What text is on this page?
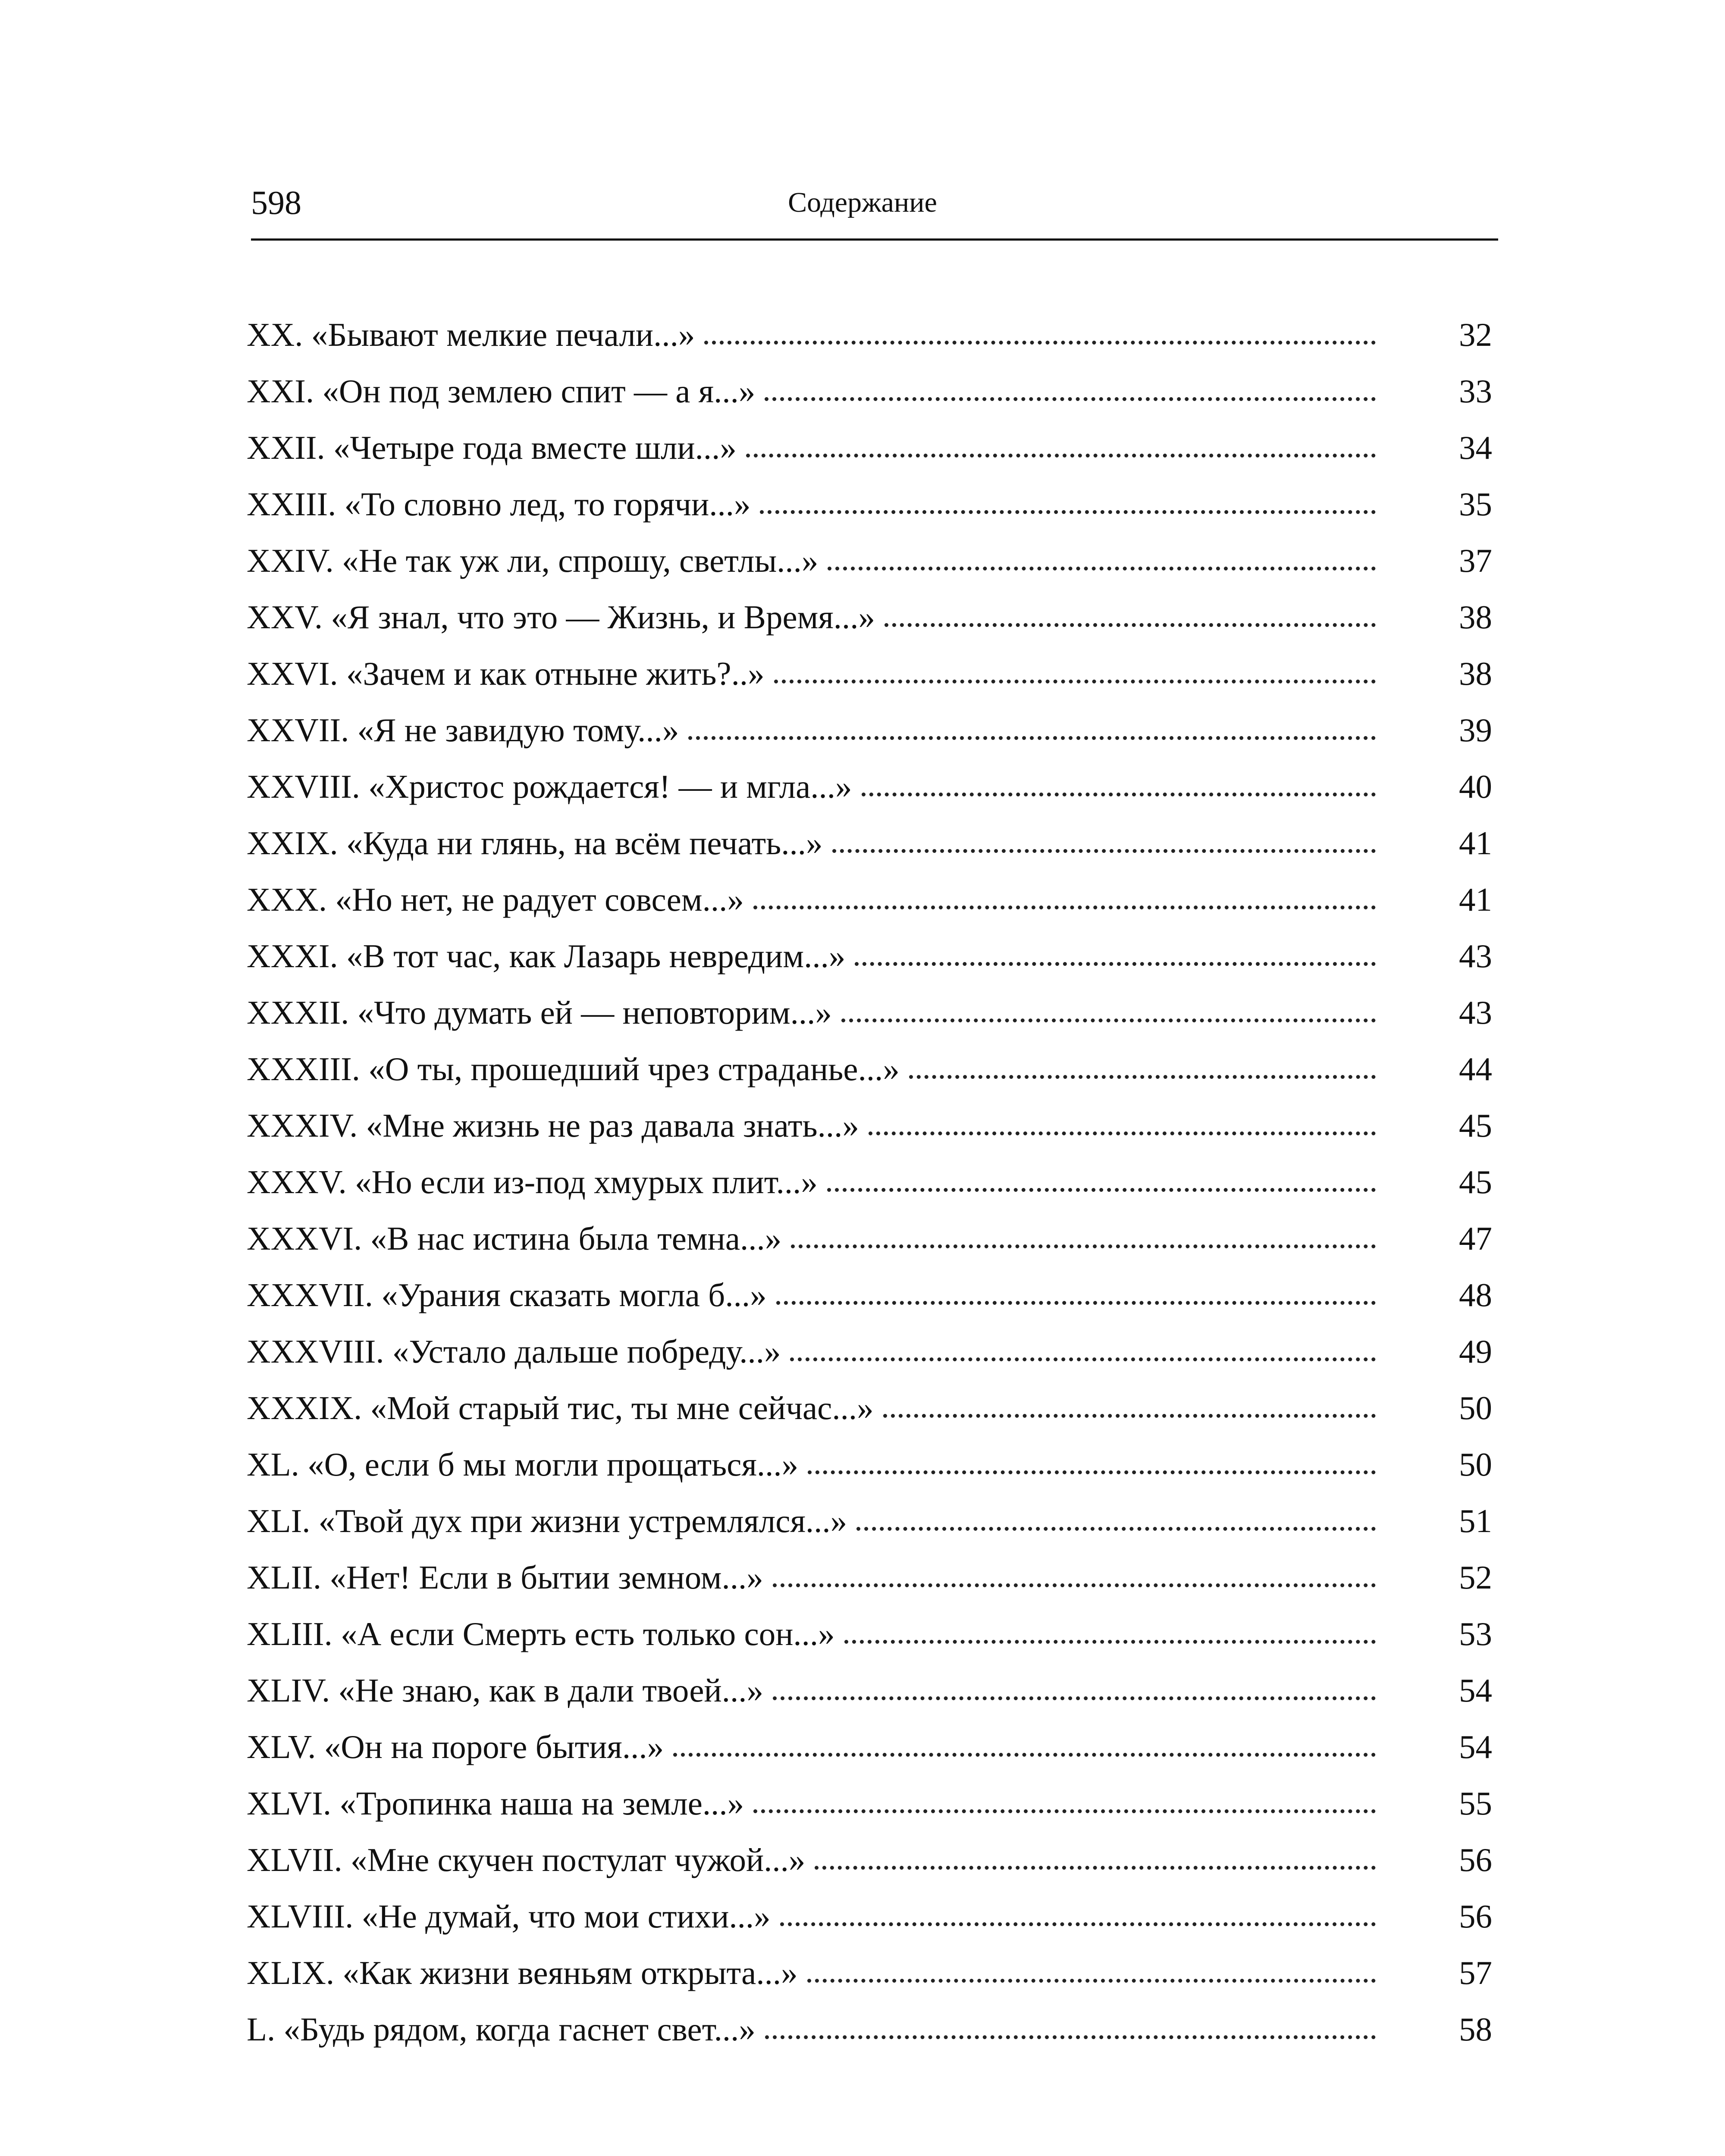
598	Содержание
XX. «Бывают мелкие печали...»	32
XXI. «Он под землею спит — а я...»	33
XXII. «Четыре года вместе шли...»	34
XXIII. «То словно лед, то горячи...»	35
XXIV. «Не так уж ли, спрошу, светлы...»	37
XXV. «Я знал, что это — Жизнь, и Время...»	38
XXVI. «Зачем и как отныне жить?..»	38
XXVII. «Я не завидую тому...»	39
XXVIII. «Христос рождается! — и мгла...»	40
XXIX. «Куда ни глянь, на всём печать...»	41
XXX. «Но нет, не радует совсем...»	41
XXXI. «В тот час, как Лазарь невредим...»	43
XXXII. «Что думать ей — неповторим...»	43
XXXIII. «О ты, прошедший чрез страданье...»	44
XXXIV. «Мне жизнь не раз давала знать...»	45
XXXV. «Но если из-под хмурых плит...»	45
XXXVI. «В нас истина была темна...»	47
XXXVII. «Урания сказать могла б...»	48
XXXVIII. «Устало дальше побреду...»	49
XXXIX. «Мой старый тис, ты мне сейчас...»	50
XL. «О, если б мы могли прощаться...»	50
XLI. «Твой дух при жизни устремлялся...»	51
XLII. «Нет! Если в бытии земном...»	52
XLIII. «А если Смерть есть только сон...»	53
XLIV. «Не знаю, как в дали твоей...»	54
XLV. «Он на пороге бытия...»	54
XLVI. «Тропинка наша на земле...»	55
XLVII. «Мне скучен постулат чужой...»	56
XLVIII. «Не думай, что мои стихи...»	56
XLIX. «Как жизни веяньям открыта...»	57
L. «Будь рядом, когда гаснет свет...»	58
